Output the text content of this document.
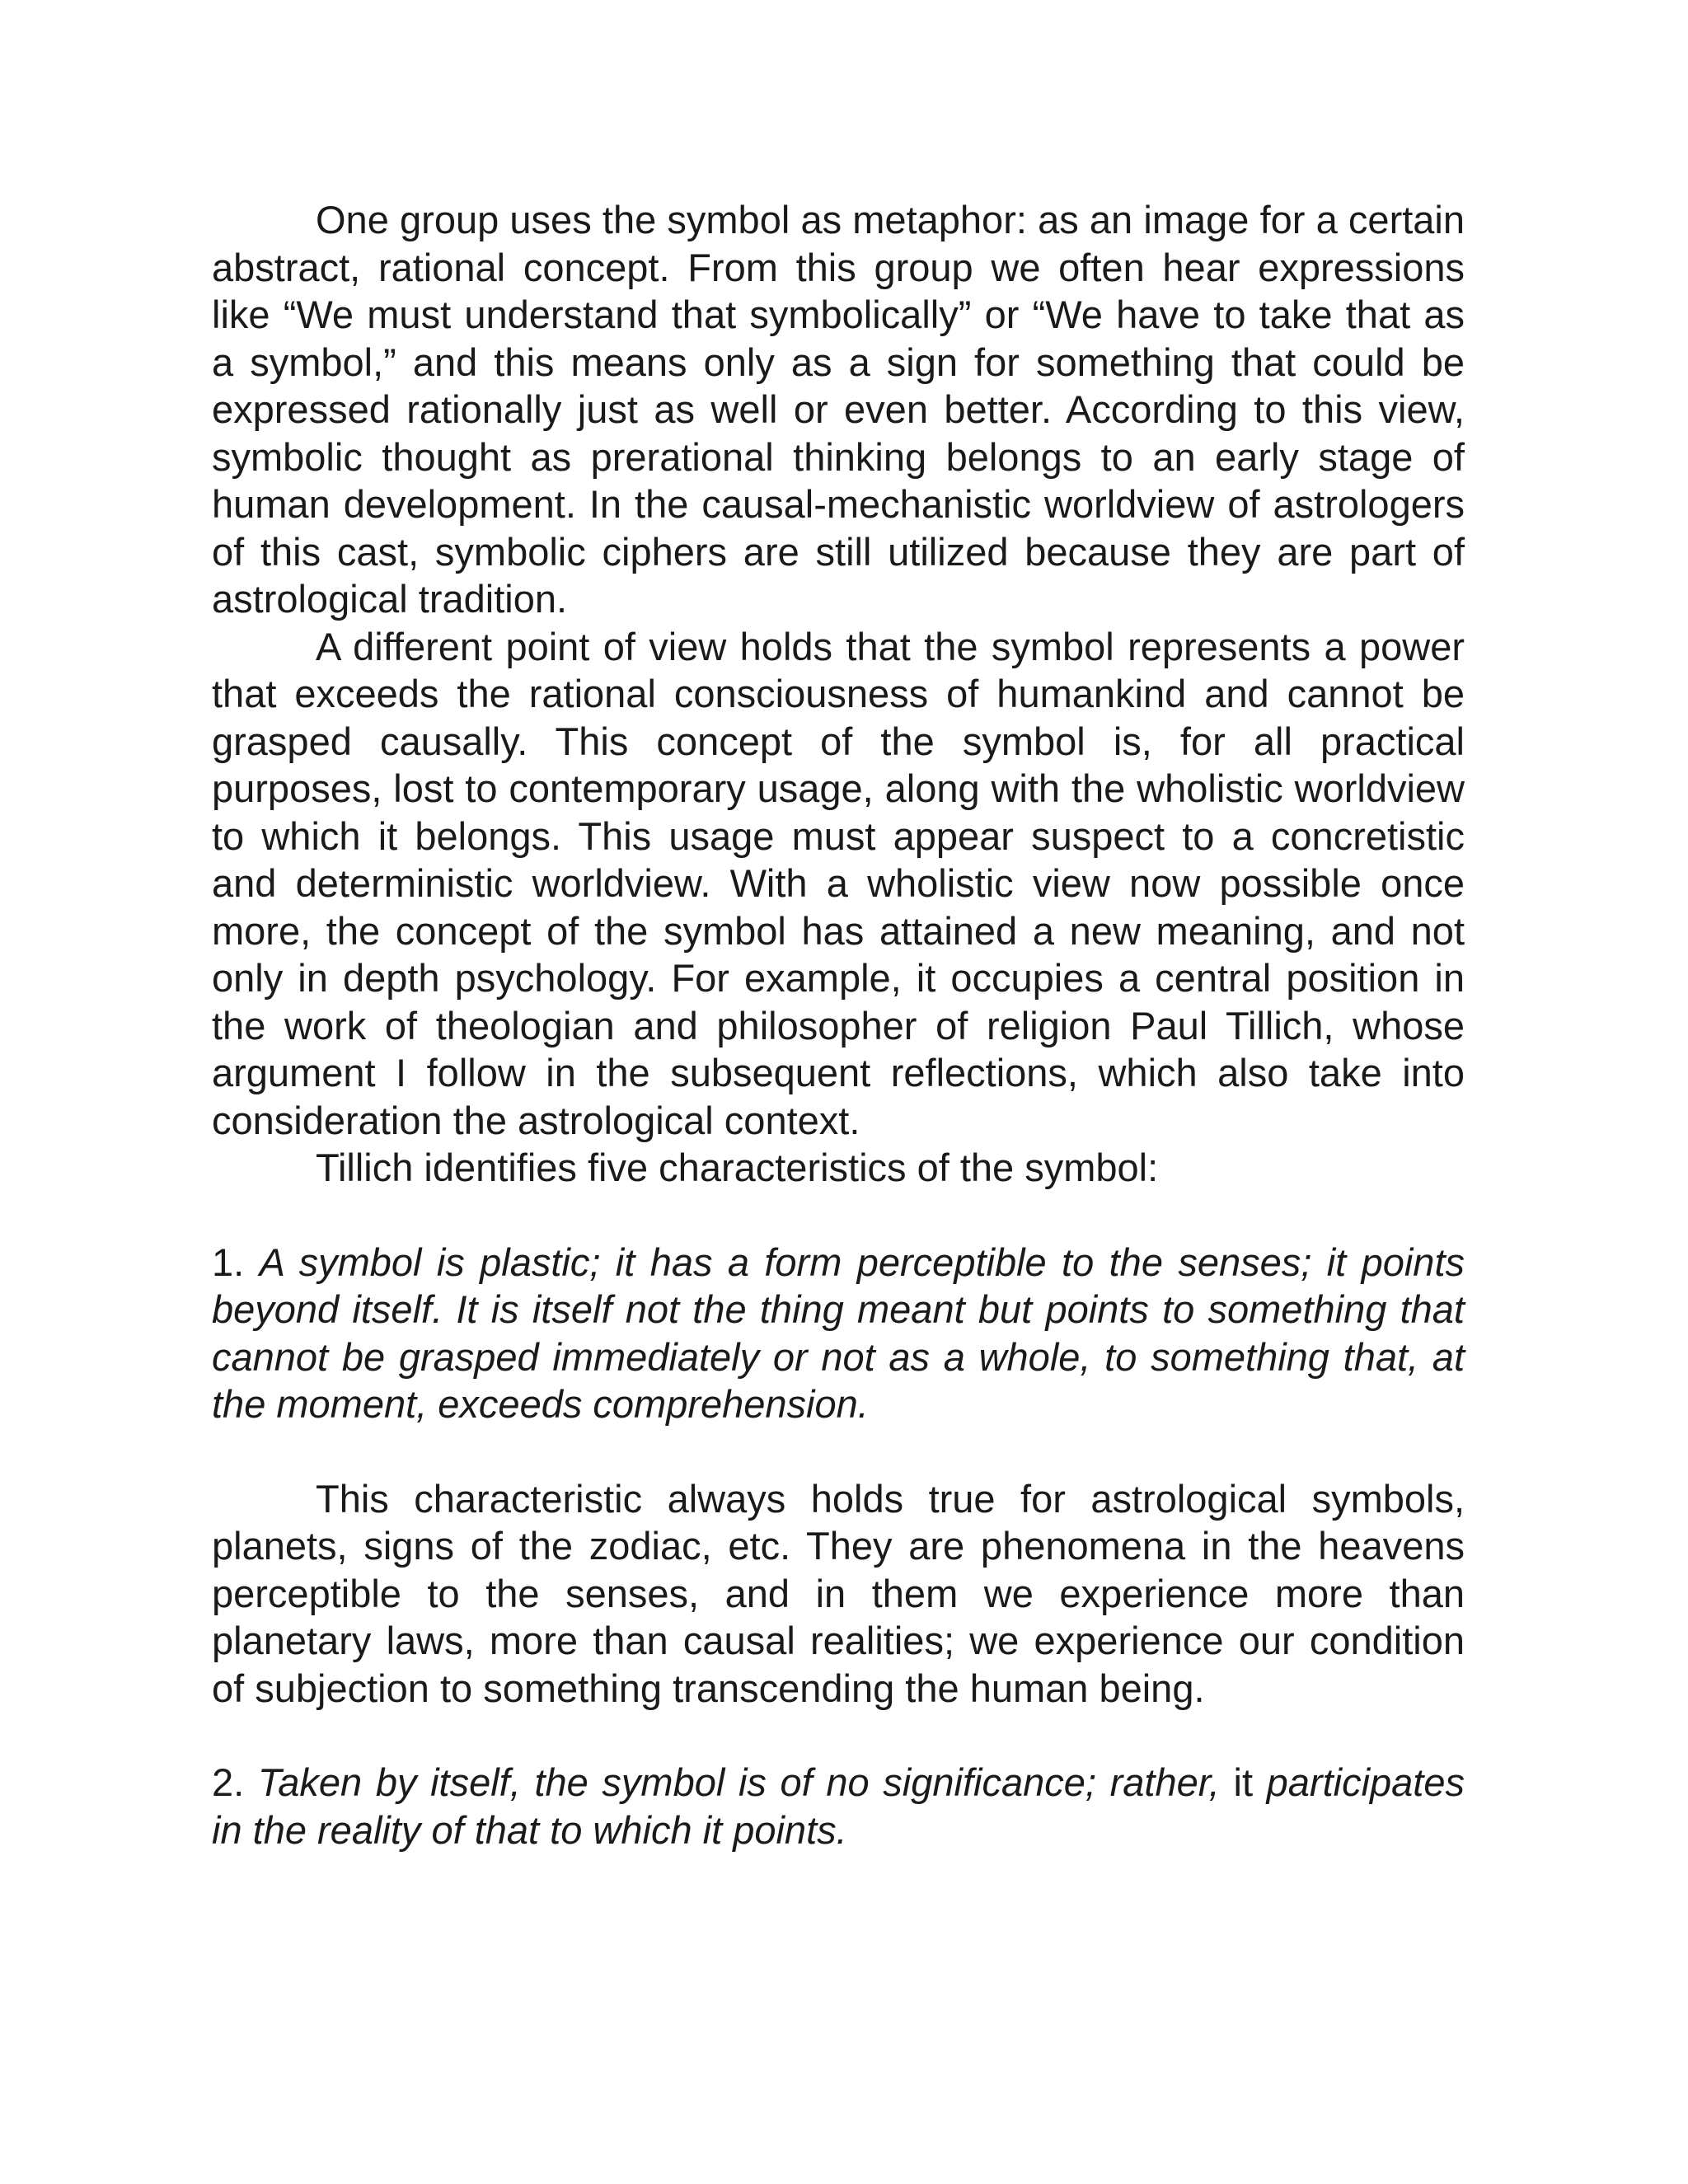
One group uses the symbol as metaphor: as an image for a certain abstract, rational concept. From this group we often hear expressions like “We must understand that symbolically” or “We have to take that as a symbol,” and this means only as a sign for something that could be expressed rationally just as well or even better. According to this view, symbolic thought as prerational thinking belongs to an early stage of human development. In the causal-mechanistic worldview of astrologers of this cast, symbolic ciphers are still utilized because they are part of astrological tradition.

A different point of view holds that the symbol represents a power that exceeds the rational consciousness of humankind and cannot be grasped causally. This concept of the symbol is, for all practical purposes, lost to contemporary usage, along with the wholistic worldview to which it belongs. This usage must appear suspect to a concretistic and deterministic worldview. With a wholistic view now possible once more, the concept of the symbol has attained a new meaning, and not only in depth psychology. For example, it occupies a central position in the work of theologian and philosopher of religion Paul Tillich, whose argument I follow in the subsequent reflections, which also take into consideration the astrological context.

Tillich identifies five characteristics of the symbol:

1. A symbol is plastic; it has a form perceptible to the senses; it points beyond itself. It is itself not the thing meant but points to something that cannot be grasped immediately or not as a whole, to something that, at the moment, exceeds comprehension.

This characteristic always holds true for astrological symbols, planets, signs of the zodiac, etc. They are phenomena in the heavens perceptible to the senses, and in them we experience more than planetary laws, more than causal realities; we experience our condition of subjection to something transcending the human being.

2. Taken by itself, the symbol is of no significance; rather, it participates in the reality of that to which it points.
